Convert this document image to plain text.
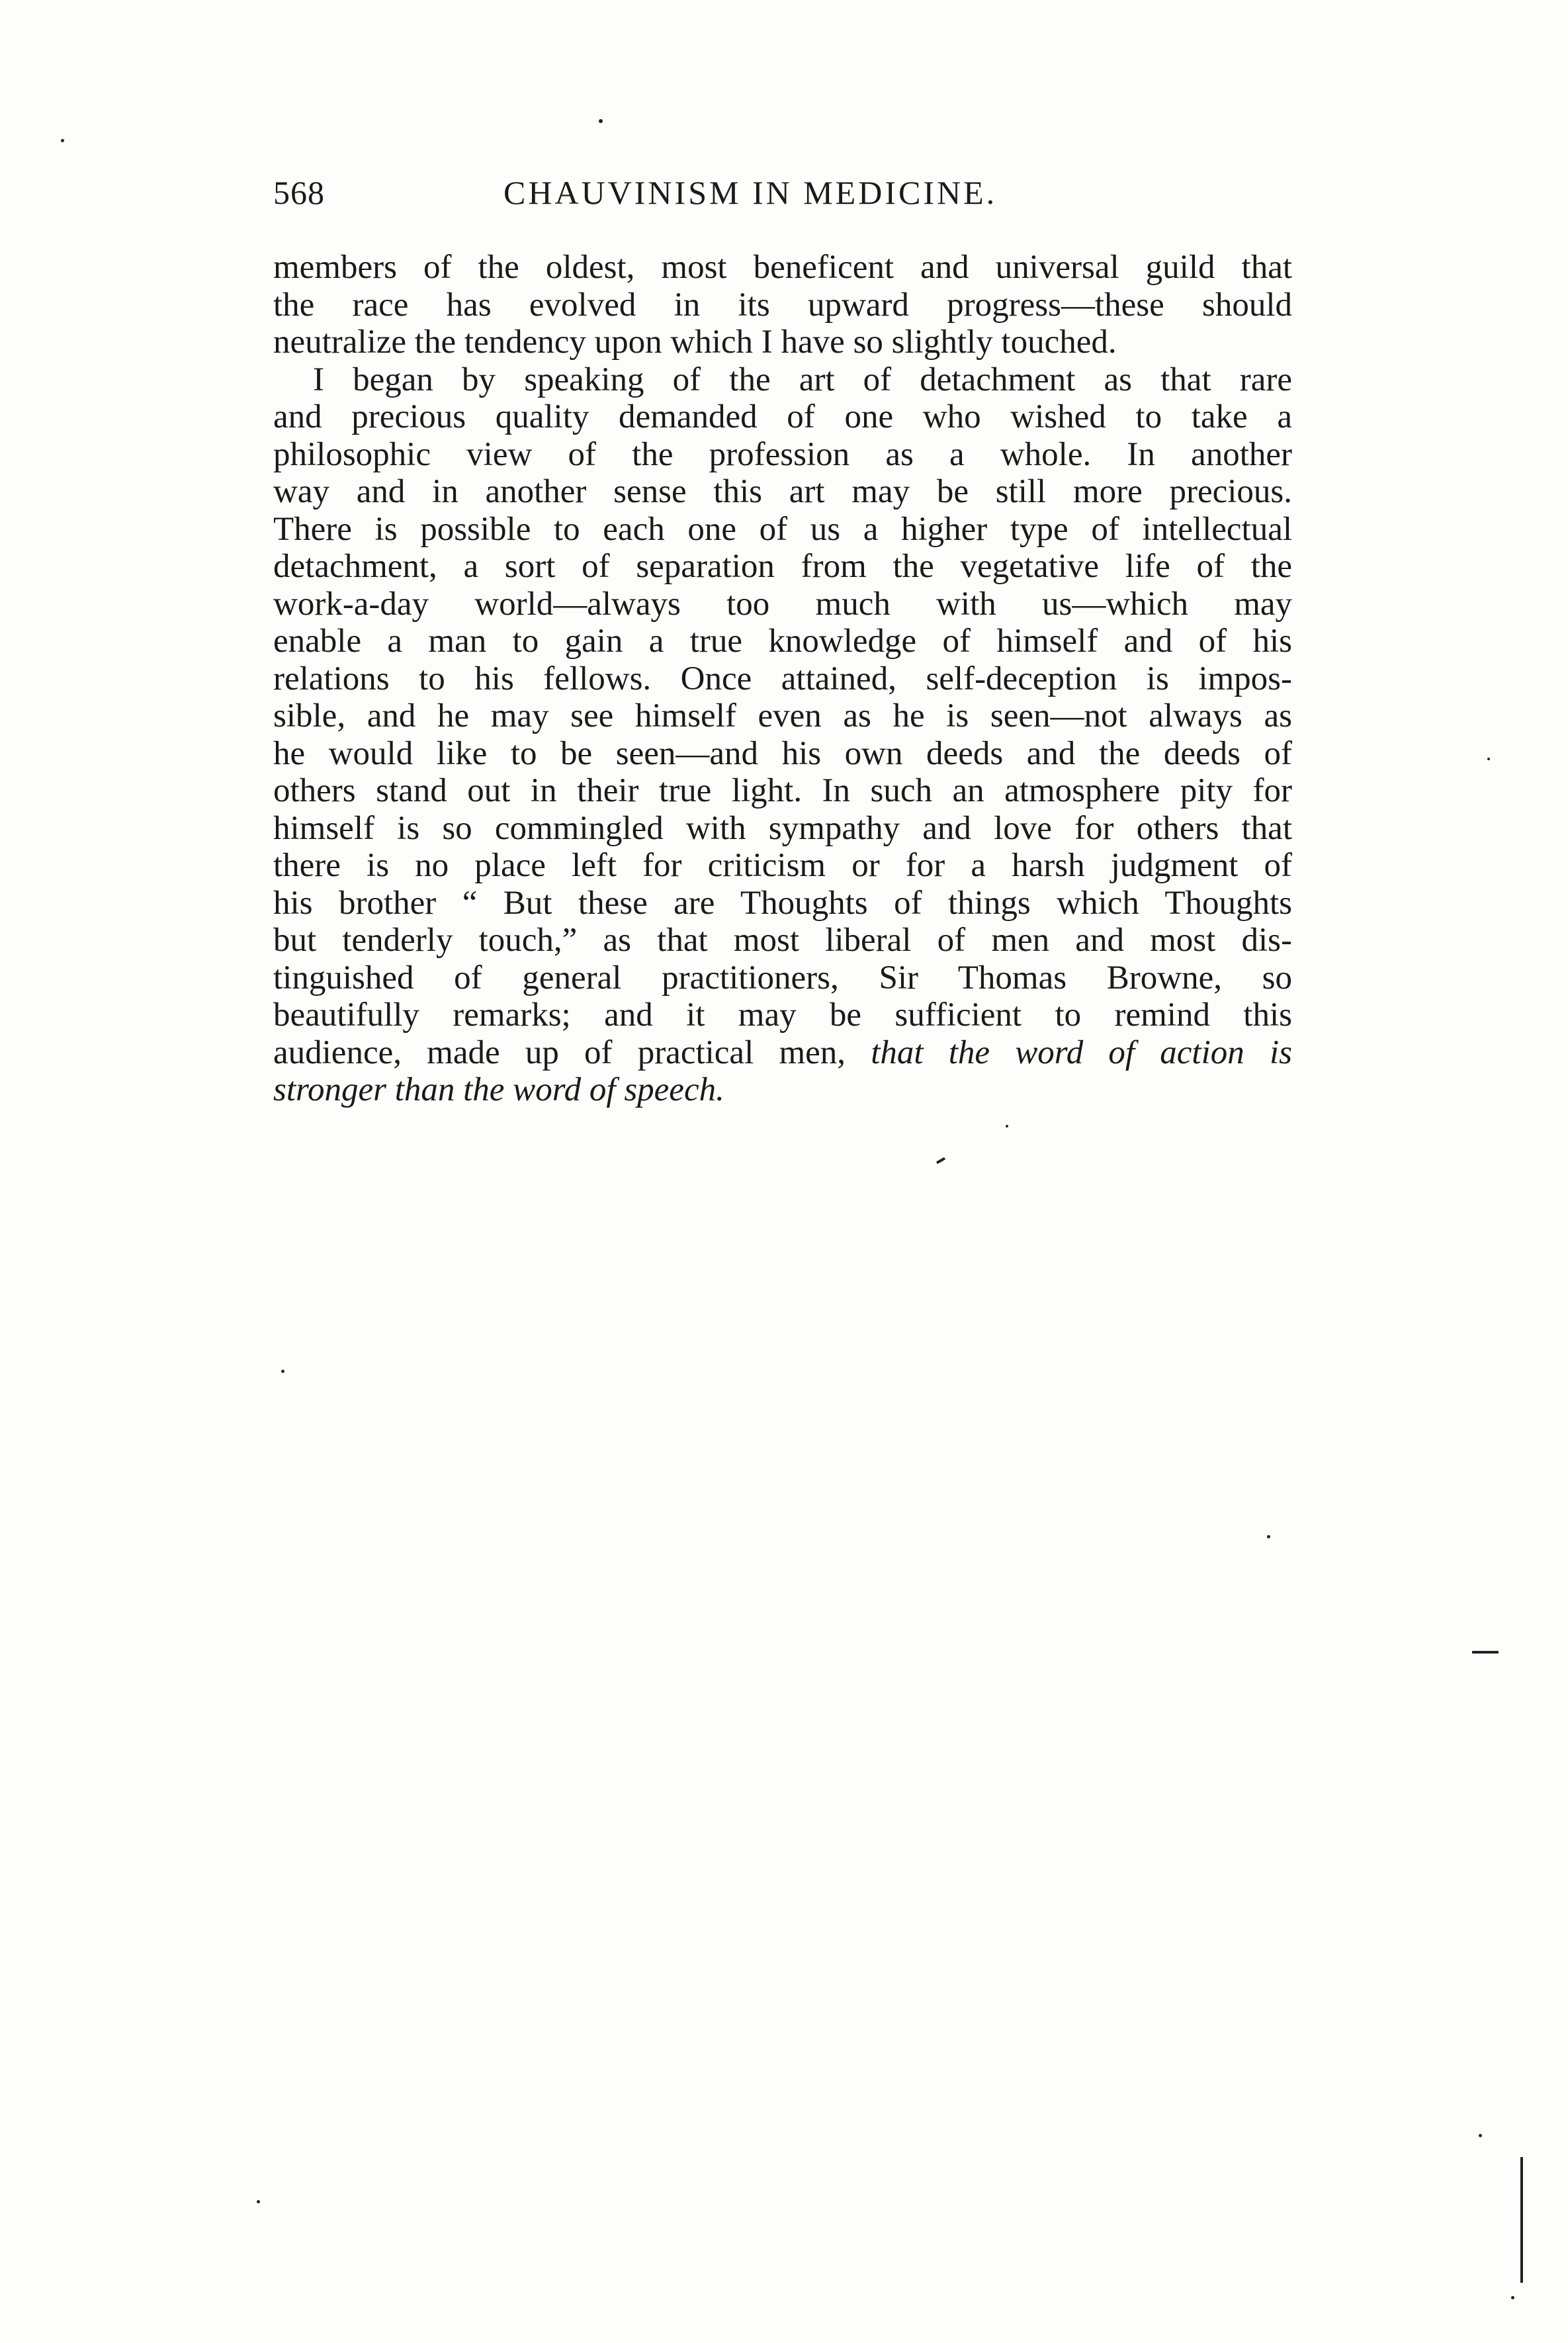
568	CHAUVINISM IN MEDICINE.
members of the oldest, most beneficent and universal guild that
the race has evolved in its upward progress—these should
neutralize the tendency upon which I have so slightly touched.
I began by speaking of the art of detachment as that rare
and precious quality demanded of one who wished to take a
philosophic view of the profession as a whole. In another
way and in another sense this art may be still more precious.
There is possible to each one of us a higher type of intellectual
detachment, a sort of separation from the vegetative life of the
work-a-day world—always too much with us—which may
enable a man to gain a true knowledge of himself and of his
relations to his fellows. Once attained, self-deception is impos-
sible, and he may see himself even as he is seen—not always as
he would like to be seen—and his own deeds and the deeds of
others stand out in their true light. In such an atmosphere pity for
himself is so commingled with sympathy and love for others that
there is no place left for criticism or for a harsh judgment of
his brother “ But these are Thoughts of things which Thoughts
but tenderly touch,” as that most liberal of men and most dis-
tinguished of general practitioners, Sir Thomas Browne, so
beautifully remarks; and it may be sufficient to remind this
audience, made up of practical men, that the word of action is
stronger than the word of speech.
